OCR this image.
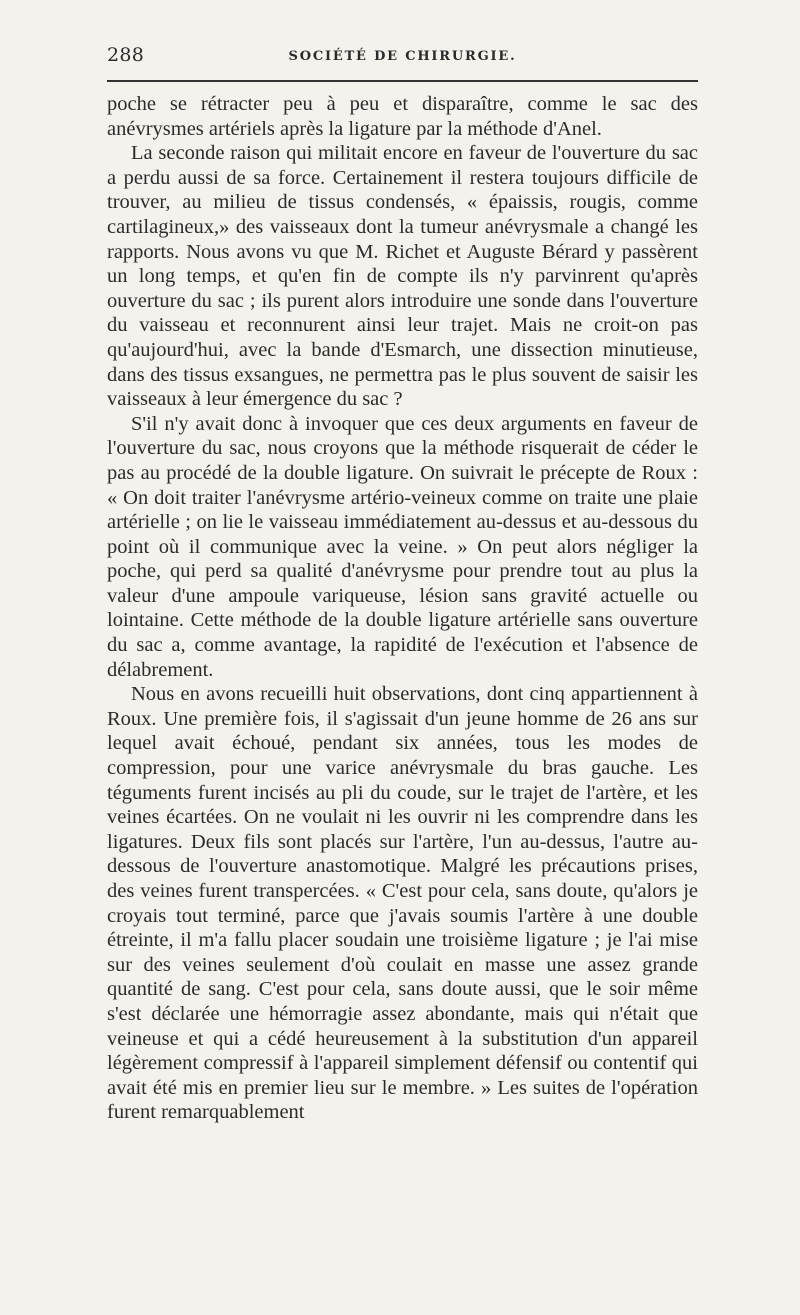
288	SOCIÉTÉ DE CHIRURGIE.

poche se rétracter peu à peu et disparaître, comme le sac des anévrysmes artériels après la ligature par la méthode d'Anel.

La seconde raison qui militait encore en faveur de l'ouverture du sac a perdu aussi de sa force. Certainement il restera toujours difficile de trouver, au milieu de tissus condensés, « épaissis, rougis, comme cartilagineux,» des vaisseaux dont la tumeur anévrysmale a changé les rapports. Nous avons vu que M. Richet et Auguste Bérard y passèrent un long temps, et qu'en fin de compte ils n'y parvinrent qu'après ouverture du sac ; ils purent alors introduire une sonde dans l'ouverture du vaisseau et reconnurent ainsi leur trajet. Mais ne croit-on pas qu'aujourd'hui, avec la bande d'Esmarch, une dissection minutieuse, dans des tissus exsangues, ne permettra pas le plus souvent de saisir les vaisseaux à leur émergence du sac ?

S'il n'y avait donc à invoquer que ces deux arguments en faveur de l'ouverture du sac, nous croyons que la méthode risquerait de céder le pas au procédé de la double ligature. On suivrait le précepte de Roux : « On doit traiter l'anévrysme artério-veineux comme on traite une plaie artérielle ; on lie le vaisseau immédiatement au-dessus et au-dessous du point où il communique avec la veine. » On peut alors négliger la poche, qui perd sa qualité d'anévrysme pour prendre tout au plus la valeur d'une ampoule variqueuse, lésion sans gravité actuelle ou lointaine. Cette méthode de la double ligature artérielle sans ouverture du sac a, comme avantage, la rapidité de l'exécution et l'absence de délabrement.

Nous en avons recueilli huit observations, dont cinq appartiennent à Roux. Une première fois, il s'agissait d'un jeune homme de 26 ans sur lequel avait échoué, pendant six années, tous les modes de compression, pour une varice anévrysmale du bras gauche. Les téguments furent incisés au pli du coude, sur le trajet de l'artère, et les veines écartées. On ne voulait ni les ouvrir ni les comprendre dans les ligatures. Deux fils sont placés sur l'artère, l'un au-dessus, l'autre au-dessous de l'ouverture anastomotique. Malgré les précautions prises, des veines furent transpercées. « C'est pour cela, sans doute, qu'alors je croyais tout terminé, parce que j'avais soumis l'artère à une double étreinte, il m'a fallu placer soudain une troisième ligature ; je l'ai mise sur des veines seulement d'où coulait en masse une assez grande quantité de sang. C'est pour cela, sans doute aussi, que le soir même s'est déclarée une hémorragie assez abondante, mais qui n'était que veineuse et qui a cédé heureusement à la substitution d'un appareil légèrement compressif à l'appareil simplement défensif ou contentif qui avait été mis en premier lieu sur le membre. » Les suites de l'opération furent remarquablement
